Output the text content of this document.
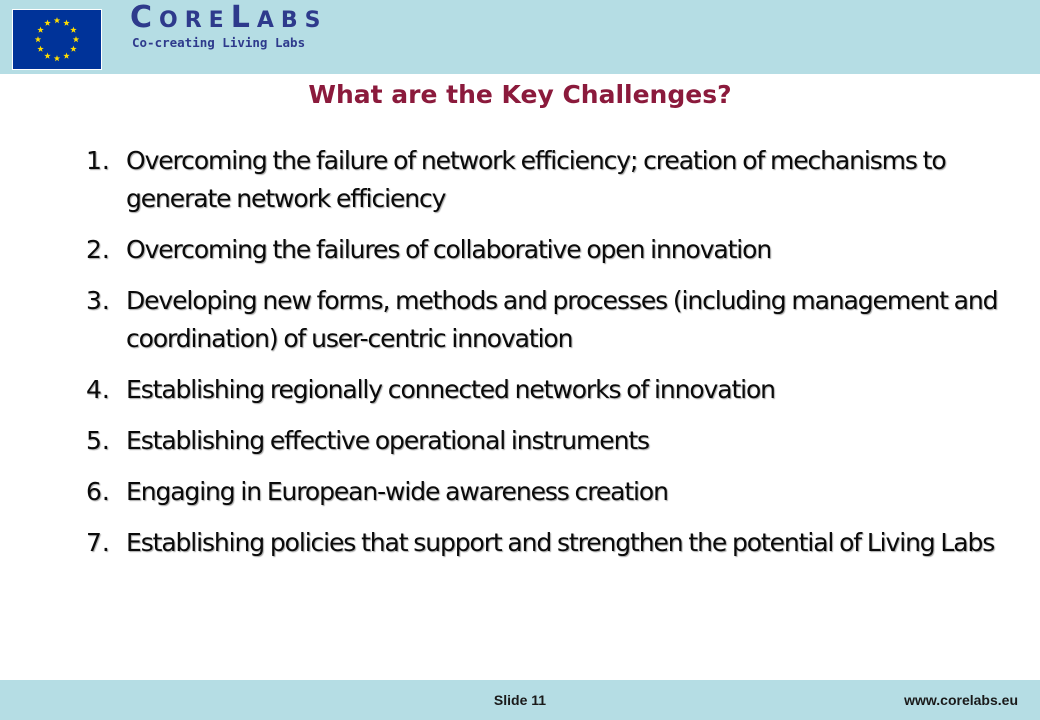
CORELABS
Co-creating Living Labs
What are the Key Challenges?
1. Overcoming the failure of network efficiency; creation of mechanisms to generate network efficiency
2. Overcoming the failures of collaborative open innovation
3. Developing new forms, methods and processes (including management and coordination) of user-centric innovation
4. Establishing regionally connected networks of innovation
5. Establishing effective operational instruments
6. Engaging in European-wide awareness creation
7. Establishing policies that support and strengthen the potential of Living Labs
Slide 11	www.corelabs.eu
